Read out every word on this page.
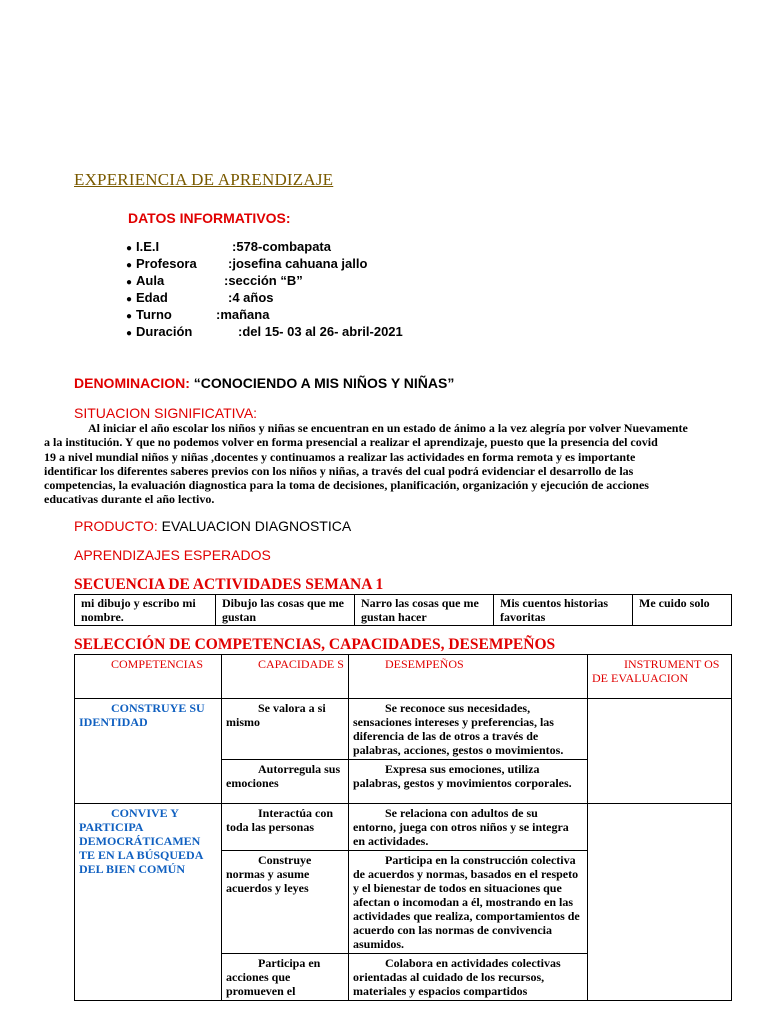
EXPERIENCIA DE APRENDIZAJE
DATOS INFORMATIVOS:
● I.E.I	:578-combapata
● Profesora :josefina cahuana jallo
● Aula	:sección “B”
● Edad	:4 años
● Turno	:mañana
● Duración	:del 15- 03 al 26- abril-2021
DENOMINACION: “CONOCIENDO A MIS NIÑOS Y NIÑAS”
SITUACION SIGNIFICATIVA:
Al iniciar el año escolar los niños y niñas se encuentran en un estado de ánimo a la vez alegría por volver Nuevamente
a la institución. Y que no podemos volver en forma presencial a realizar el aprendizaje, puesto que la presencia del covid
19 a nivel mundial niños y niñas ,docentes y continuamos a realizar las actividades en forma remota y es importante
identificar los diferentes saberes previos con los niños y niñas, a través del cual podrá evidenciar el desarrollo de las
competencias, la evaluación diagnostica para la toma de decisiones, planificación, organización y ejecución de acciones
educativas durante el año lectivo.
PRODUCTO: EVALUACION DIAGNOSTICA
APRENDIZAJES ESPERADOS
SECUENCIA DE ACTIVIDADES SEMANA 1
mi dibujo y escribo mi nombre.	Dibujo las cosas que me gustan	Narro las cosas que me gustan hacer	Mis cuentos historias favoritas	Me cuido solo
SELECCIÓN DE COMPETENCIAS, CAPACIDADES, DESEMPEÑOS
COMPETENCIAS	CAPACIDADE S	DESEMPEÑOS	INSTRUMENT OS DE EVALUACION
CONSTRUYE SU IDENTIDAD	Se valora a si mismo	Se reconoce sus necesidades, sensaciones intereses y preferencias, las diferencia de las de otros a través de palabras, acciones, gestos o movimientos.	
	Autorregula sus emociones	Expresa sus emociones, utiliza palabras, gestos y movimientos corporales.	
CONVIVE Y PARTICIPA DEMOCRÁTICAMEN TE EN LA BÚSQUEDA DEL BIEN COMÚN	Interactúa con toda las personas	Se relaciona con adultos de su entorno, juega con otros niños y se integra en actividades.	
	Construye normas y asume acuerdos y leyes	Participa en la construcción colectiva de acuerdos y normas, basados en el respeto y el bienestar de todos en situaciones que afectan o incomodan a él, mostrando en las actividades que realiza, comportamientos de acuerdo con las normas de convivencia asumidos.	
	Participa en acciones que promueven el	Colabora en actividades colectivas orientadas al cuidado de los recursos, materiales y espacios compartidos	
